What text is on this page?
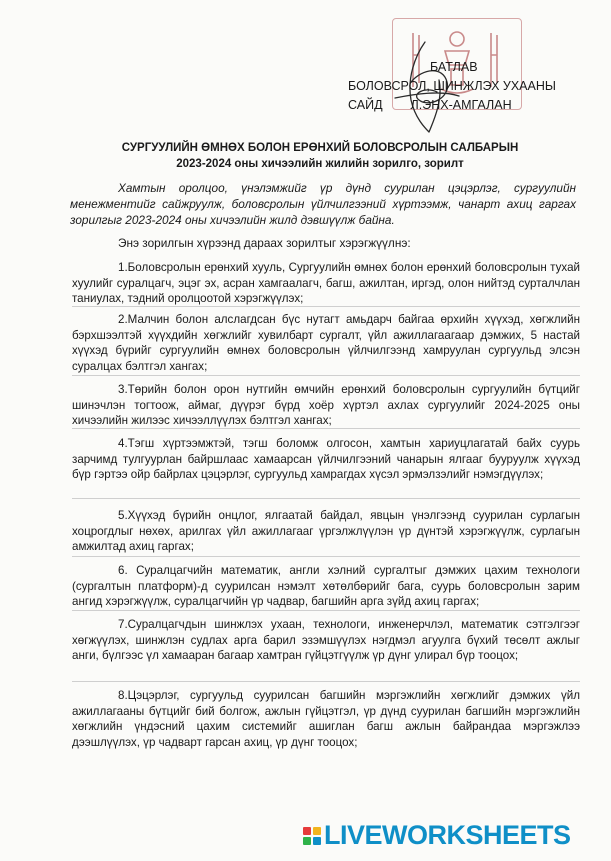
БАТЛАВ
БОЛОВСРОЛ, ШИНЖЛЭХ УХААНЫ
САЙД Л.ЭНХ-АМГАЛАН
СУРГУУЛИЙН ӨМНӨХ БОЛОН ЕРӨНХИЙ БОЛОВСРОЛЫН САЛБАРЫН
2023-2024 оны хичээлийн жилийн зорилго, зорилт
Хамтын оролцоо, үнэлэмжийг үр дүнд суурилан цэцэрлэг, сургуулийн менежментийг сайжруулж, боловсролын үйлчилгээний хүртээмж, чанарт ахиц гаргах зорилгыг 2023-2024 оны хичээлийн жилд дэвшүүлж байна.
Энэ зорилгын хүрээнд дараах зорилтыг хэрэгжүүлнэ:
1.Боловсролын ерөнхий хууль, Сургуулийн өмнөх болон ерөнхий боловсролын тухай хуулийг суралцагч, эцэг эх, асран хамгаалагч, багш, ажилтан, иргэд, олон нийтэд сурталчлан таниулах, тэдний оролцоотой хэрэгжүүлэх;
2.Малчин болон алслагдсан бүс нутагт амьдарч байгаа өрхийн хүүхэд, хөгжлийн бэрхшээлтэй хүүхдийн хөгжлийг хувилбарт сургалт, үйл ажиллагаагаар дэмжих, 5 настай хүүхэд бүрийг сургуулийн өмнөх боловсролын үйлчилгээнд хамруулан сургуульд элсэн суралцах бэлтгэл хангах;
3.Төрийн болон орон нутгийн өмчийн ерөнхий боловсролын сургуулийн бүтцийг шинэчлэн тогтоож, аймаг, дүүрэг бүрд хоёр хүртэл ахлах сургуулийг 2024-2025 оны хичээлийн жилээс хичээллүүлэх бэлтгэл хангах;
4.Тэгш хүртээмжтэй, тэгш боломж олгосон, хамтын хариуцлагатай байх суурь зарчимд тулгуурлан байршлаас хамаарсан үйлчилгээний чанарын ялгааг бууруулж хүүхэд бүр гэртээ ойр байрлах цэцэрлэг, сургуульд хамрагдах хүсэл эрмэлзэлийг нэмэгдүүлэх;
5.Хүүхэд бүрийн онцлог, ялгаатай байдал, явцын үнэлгээнд суурилан сурлагын хоцрогдлыг нөхөх, арилгах үйл ажиллагааг үргэлжлүүлэн үр дүнтэй хэрэгжүүлж, сурлагын амжилтад ахиц гаргах;
6. Суралцагчийн математик, англи хэлний сургалтыг дэмжих цахим технологи (сургалтын платформ)-д суурилсан нэмэлт хөтөлбөрийг бага, суурь боловсролын зарим ангид хэрэгжүүлж, суралцагчийн үр чадвар, багшийн арга зүйд ахиц гаргах;
7.Суралцагчдын шинжлэх ухаан, технологи, инженерчлэл, математик сэтгэлгээг хөгжүүлэх, шинжлэн судлах арга барил эзэмшүүлэх нэгдмэл агуулга бүхий төсөлт ажлыг анги, бүлгээс үл хамааран багаар хамтран гүйцэтгүүлж үр дүнг улирал бүр тооцох;
8.Цэцэрлэг, сургуульд суурилсан багшийн мэргэжлийн хөгжлийг дэмжих үйл ажиллагааны бүтцийг бий болгож, ажлын гүйцэтгэл, үр дүнд суурилан багшийн мэргэжлийн хөгжлийн үндэсний цахим системийг ашиглан багш ажлын байрандаа мэргэжлээ дээшлүүлэх, үр чадварт гарсан ахиц, үр дүнг тооцох;
LIVEWORKSHEETS
